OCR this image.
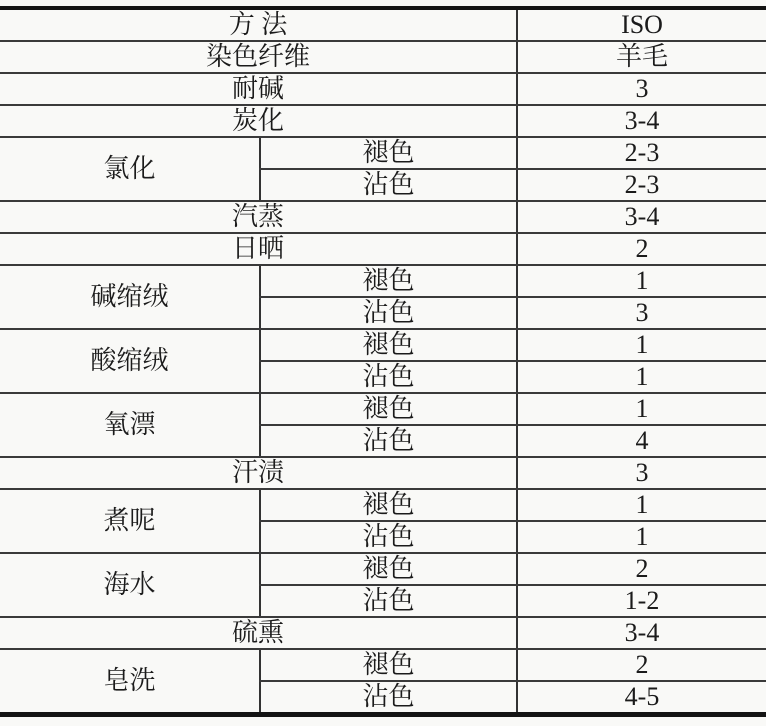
方 法		ISO
染色纤维		羊毛
耐碱		3
炭化		3-4
氯化	褪色	2-3
	沾色	2-3
汽蒸		3-4
日晒		2
碱缩绒	褪色	1
	沾色	3
酸缩绒	褪色	1
	沾色	1
氧漂	褪色	1
	沾色	4
汗渍		3
煮呢	褪色	1
	沾色	1
海水	褪色	2
	沾色	1-2
硫熏		3-4
皂洗	褪色	2
	沾色	4-5
